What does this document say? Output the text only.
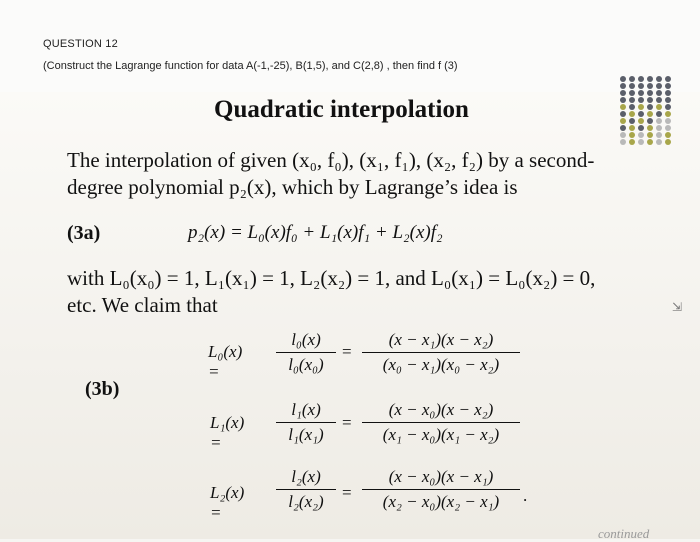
QUESTION 12
(Construct the Lagrange function for data A(-1,-25), B(1,5), and C(2,8) , then find f (3)
Quadratic interpolation
The interpolation of given (x₀, f₀), (x₁, f₁), (x₂, f₂) by a second-
degree polynomial p₂(x), which by Lagrange’s idea is
(3a)	p₂(x) = L₀(x)f₀ + L₁(x)f₁ + L₂(x)f₂
with L₀(x₀) = 1, L₁(x₁) = 1, L₂(x₂) = 1, and L₀(x₁) = L₀(x₂) = 0,
etc. We claim that
(3b)
L₀(x) =
l₀(x)
l₀(x₀)
=
(x − x₁)(x − x₂)
(x₀ − x₁)(x₀ − x₂)
L₁(x) =
l₁(x)
l₁(x₁)
=
(x − x₀)(x − x₂)
(x₁ − x₀)(x₁ − x₂)
L₂(x) =
l₂(x)
l₂(x₂)	=
(x − x₀)(x − x₁)
(x₂ − x₀)(x₂ − x₁)	.
⇲
continued
